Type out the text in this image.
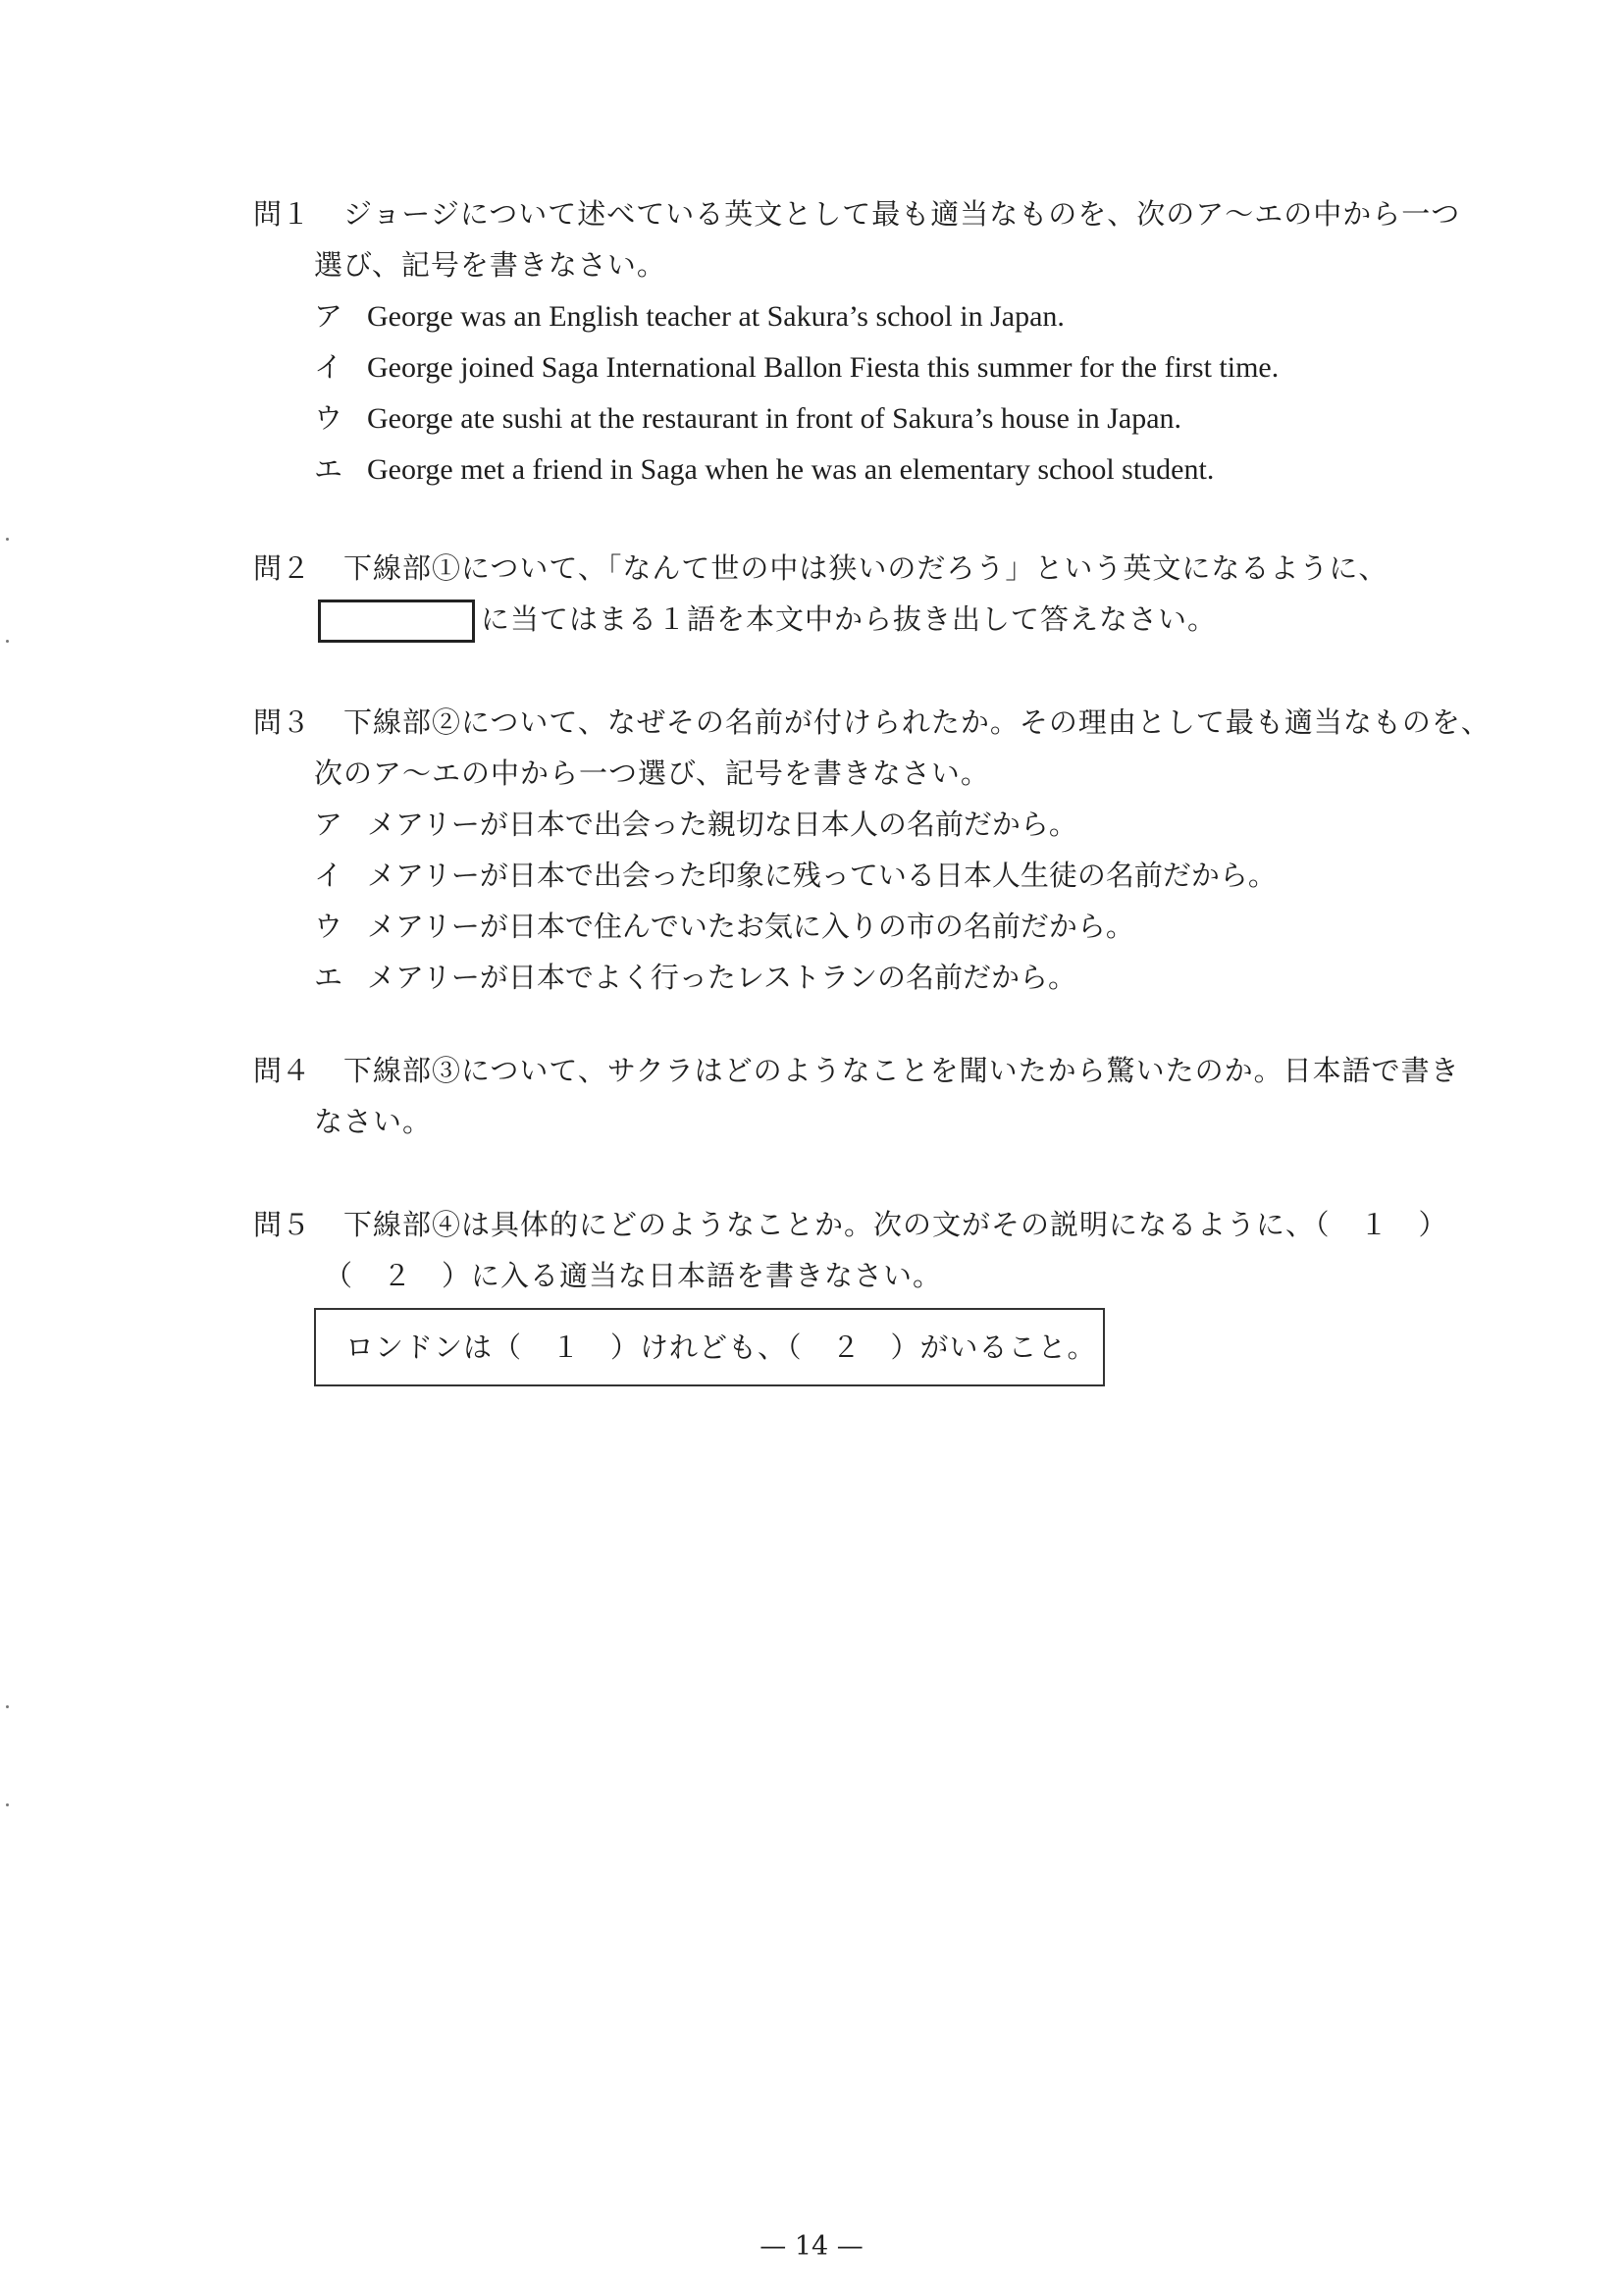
問１ ジョージについて述べている英文として最も適当なものを、次のア～エの中から一つ
選び、記号を書きなさい。
ア George was an English teacher at Sakura’s school in Japan.
イ George joined Saga International Ballon Fiesta this summer for the first time.
ウ George ate sushi at the restaurant in front of Sakura’s house in Japan.
エ George met a friend in Saga when he was an elementary school student.
問２ 下線部①について、「なんて世の中は狭いのだろう」という英文になるように、
に当てはまる１語を本文中から抜き出して答えなさい。
問３ 下線部②について、なぜその名前が付けられたか。その理由として最も適当なものを、
次のア～エの中から一つ選び、記号を書きなさい。
ア メアリーが日本で出会った親切な日本人の名前だから。
イ メアリーが日本で出会った印象に残っている日本人生徒の名前だから。
ウ メアリーが日本で住んでいたお気に入りの市の名前だから。
エ メアリーが日本でよく行ったレストランの名前だから。
問４ 下線部③について、サクラはどのようなことを聞いたから驚いたのか。日本語で書き
なさい。
問５ 下線部④は具体的にどのようなことか。次の文がその説明になるように、（　１　）
（　２　）に入る適当な日本語を書きなさい。
ロンドンは（　１　）けれども、（　２　）がいること。
— 14 —
